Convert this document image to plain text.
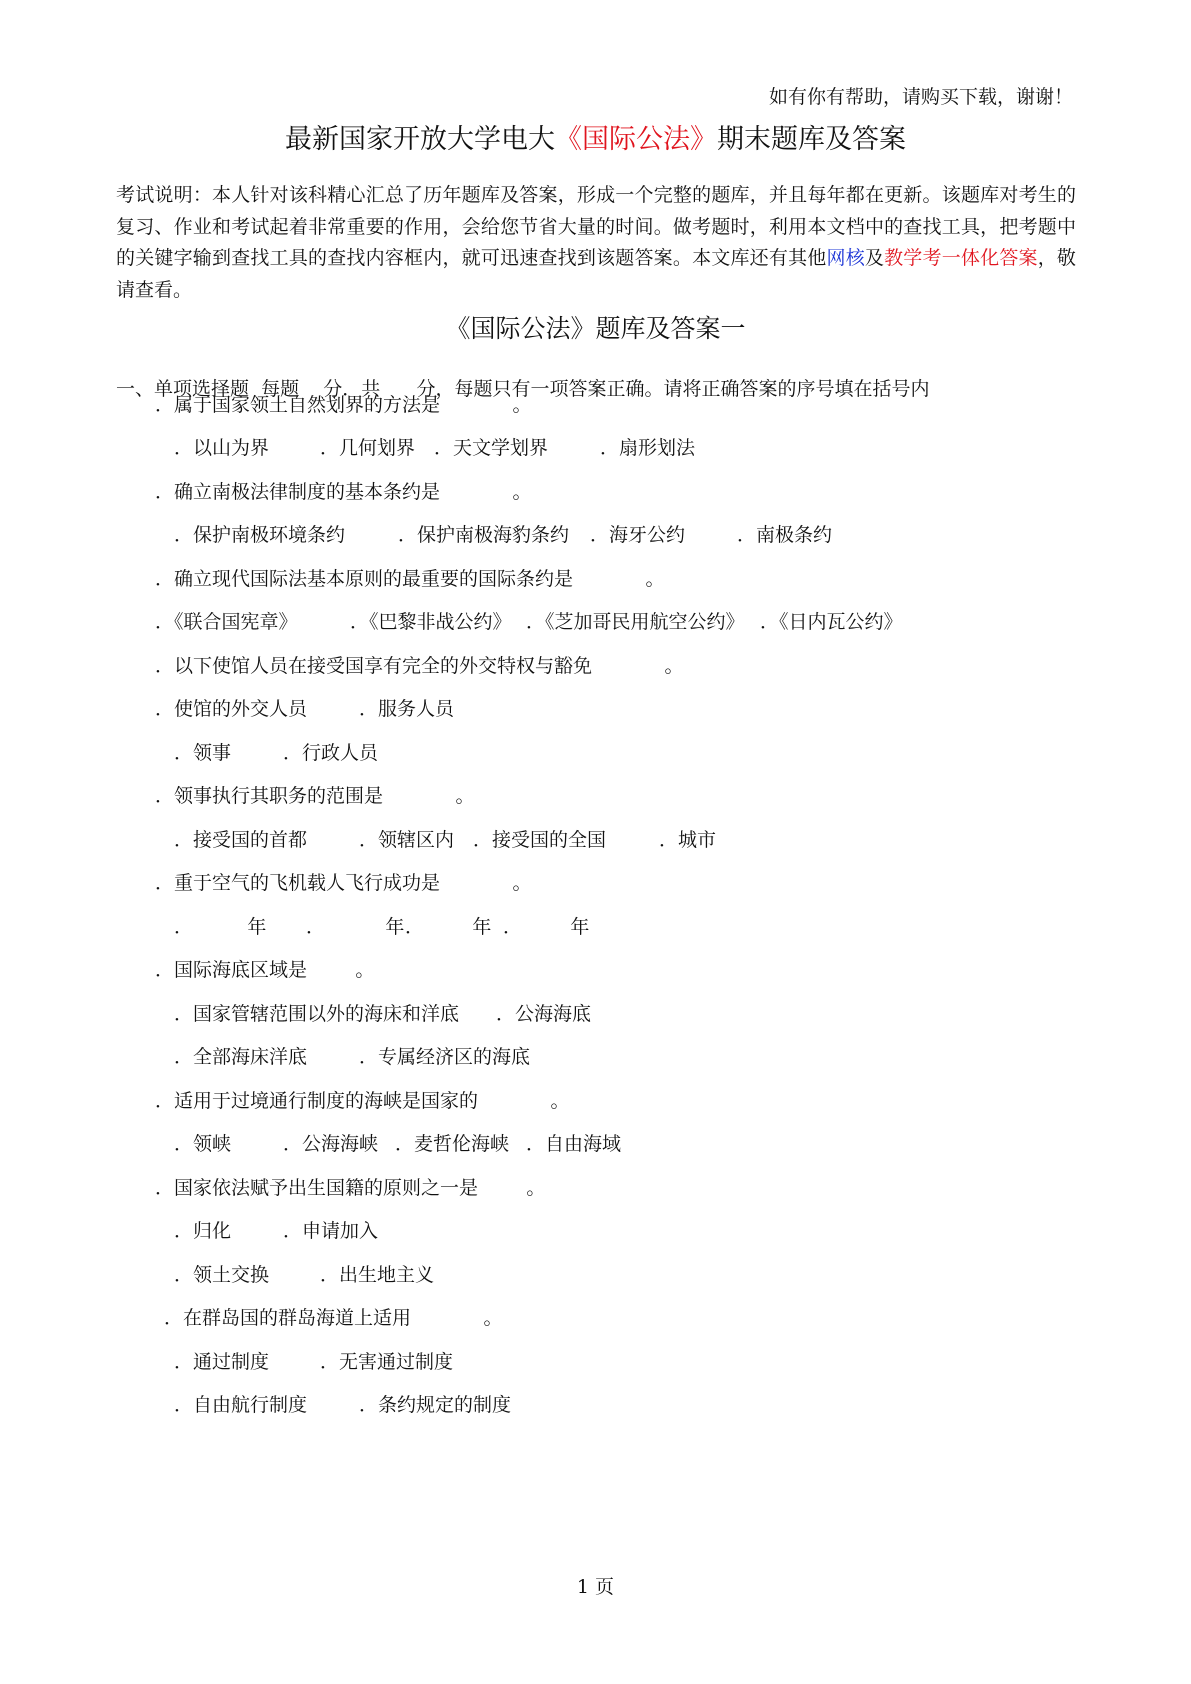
如有你有帮助，请购买下载，谢谢！
最新国家开放大学电大《国际公法》期末题库及答案
考试说明：本人针对该科精心汇总了历年题库及答案，形成一个完整的题库，并且每年都在更新。该题库对考生的复习、作业和考试起着非常重要的作用，会给您节省大量的时间。做考题时，利用本文档中的查找工具，把考题中的关键字输到查找工具的查找内容框内，就可迅速查找到该题答案。本文库还有其他网核及教学考一体化答案，敬请查看。
《国际公法》题库及答案一
一、单项选择题  每题    分．共      分，每题只有一项答案正确。请将正确答案的序号填在括号内
．属于国家领土自然划界的方法是            。
．以山为界	．几何划界 ．天文学划界	．扇形划法
．确立南极法律制度的基本条约是            。
．保护南极环境条约	．保护南极海豹条约 ．海牙公约	．南极条约
．确立现代国际法基本原则的最重要的国际条约是            。
．《联合国宪章》	．《巴黎非战公约》 ．《芝加哥民用航空公约》 ．《日内瓦公约》
．以下使馆人员在接受国享有完全的外交特权与豁免            。
．使馆的外交人员	．服务人员
．领事	．行政人员
．领事执行其职务的范围是            。
．接受国的首都	．领辖区内 ．接受国的全国	．城市
．重于空气的飞机载人飞行成功是            。
．         年 ．          年 ．        年 ．        年
．国际海底区域是        。
．国家管辖范围以外的海床和洋底 ．公海海底
．全部海床洋底	．专属经济区的海底
．适用于过境通行制度的海峡是国家的            。
．领峡	．公海海峡 ．麦哲伦海峡 ．自由海域
．国家依法赋予出生国籍的原则之一是        。
．归化	．申请加入
．领土交换	．出生地主义
．在群岛国的群岛海道上适用            。
．通过制度	．无害通过制度
．自由航行制度	．条约规定的制度
1 页
